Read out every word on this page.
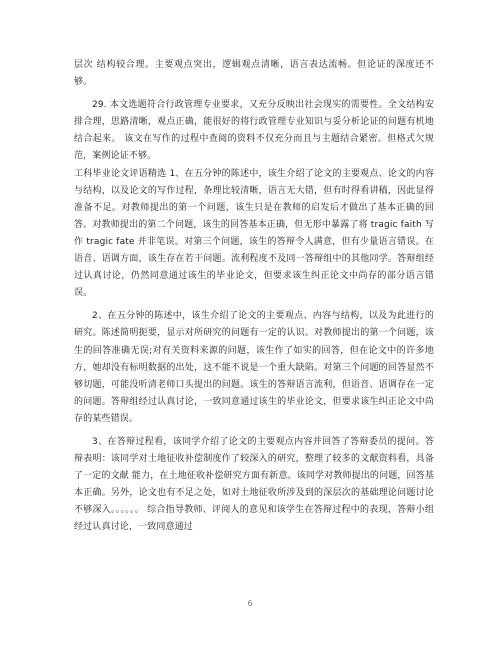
层次 结构较合理。主要观点突出，逻辑观点清晰，语言表达流畅。但论证的深度还不 够。

29. 本文选题符合行政管理专业要求，又充分反映出社会现实的需要性。全文结构安排合理，思路清晰，观点正确，能很好的将行政管理专业知识与妥分析论证的问题有机地结合起来。 该文在写作的过程中查阅的资料不仅充分而且与主题结合紧密。但格式欠规范，案例论证不够。

工科毕业论文评语精选 1、在五分钟的陈述中，该生介绍了论文的主要观点、论文的内容与结构，以及论文的写作过程，条理比较清晰，语言无大错，但有时得看讲稿，因此显得准备不足。对教师提出的第一个问题，该生只是在教师的启发后才做出了基本正确的回答。对教师提出的第二个问题，该生的回答基本正确，但无形中暴露了将 tragic faith 写作 tragic fate 并非笔误。对第三个问题，该生的答辩令人满意，但有少量语言错误。在语音、语调方面，该生存在若干问题。流利程度不及同一答辩组中的其他同学。答辩组经过认真讨论，仍然同意通过该生的毕业论文，但要求该生纠正论文中尚存的部分语言错误。

2、在五分钟的陈述中，该生介绍了论文的主要观点、内容与结构，以及为此进行的研究。陈述简明扼要，显示对所研究的问题有一定的认识。对教师提出的第一个问题，该生的回答准确无误;对有关资料来源的问题，该生作了如实的回答，但在论文中的许多地方，她却没有标明数据的出处，这不能不说是一个重大缺陷。对第三个问题的回答显然不够切题，可能没听清老师口头提出的问题。该生的答辩语言流利，但语音、语调存在一定的问题。答辩组经过认真讨论，一致同意通过该生的毕业论文，但要求该生纠正论文中尚存的某些错误。

3、在答辩过程看，该同学介绍了论文的主要观点内容并回答了答辩委员的提问。答辩表明：该同学对土地征收补偿制度作了较深入的研究，整理了较多的文献资料看，具备了一定的文献 能力，在土地征收补偿研究方面有新意。该同学对教师提出的问题，回答基本正确。另外，论文也有不足之处，如对土地征收所涉及到的深层次的基础理论问题讨论不够深入。。。。。。 综合指导教师、评阅人的意见和该学生在答辩过程中的表现，答辩小组经过认真讨论，一致同意通过

6
